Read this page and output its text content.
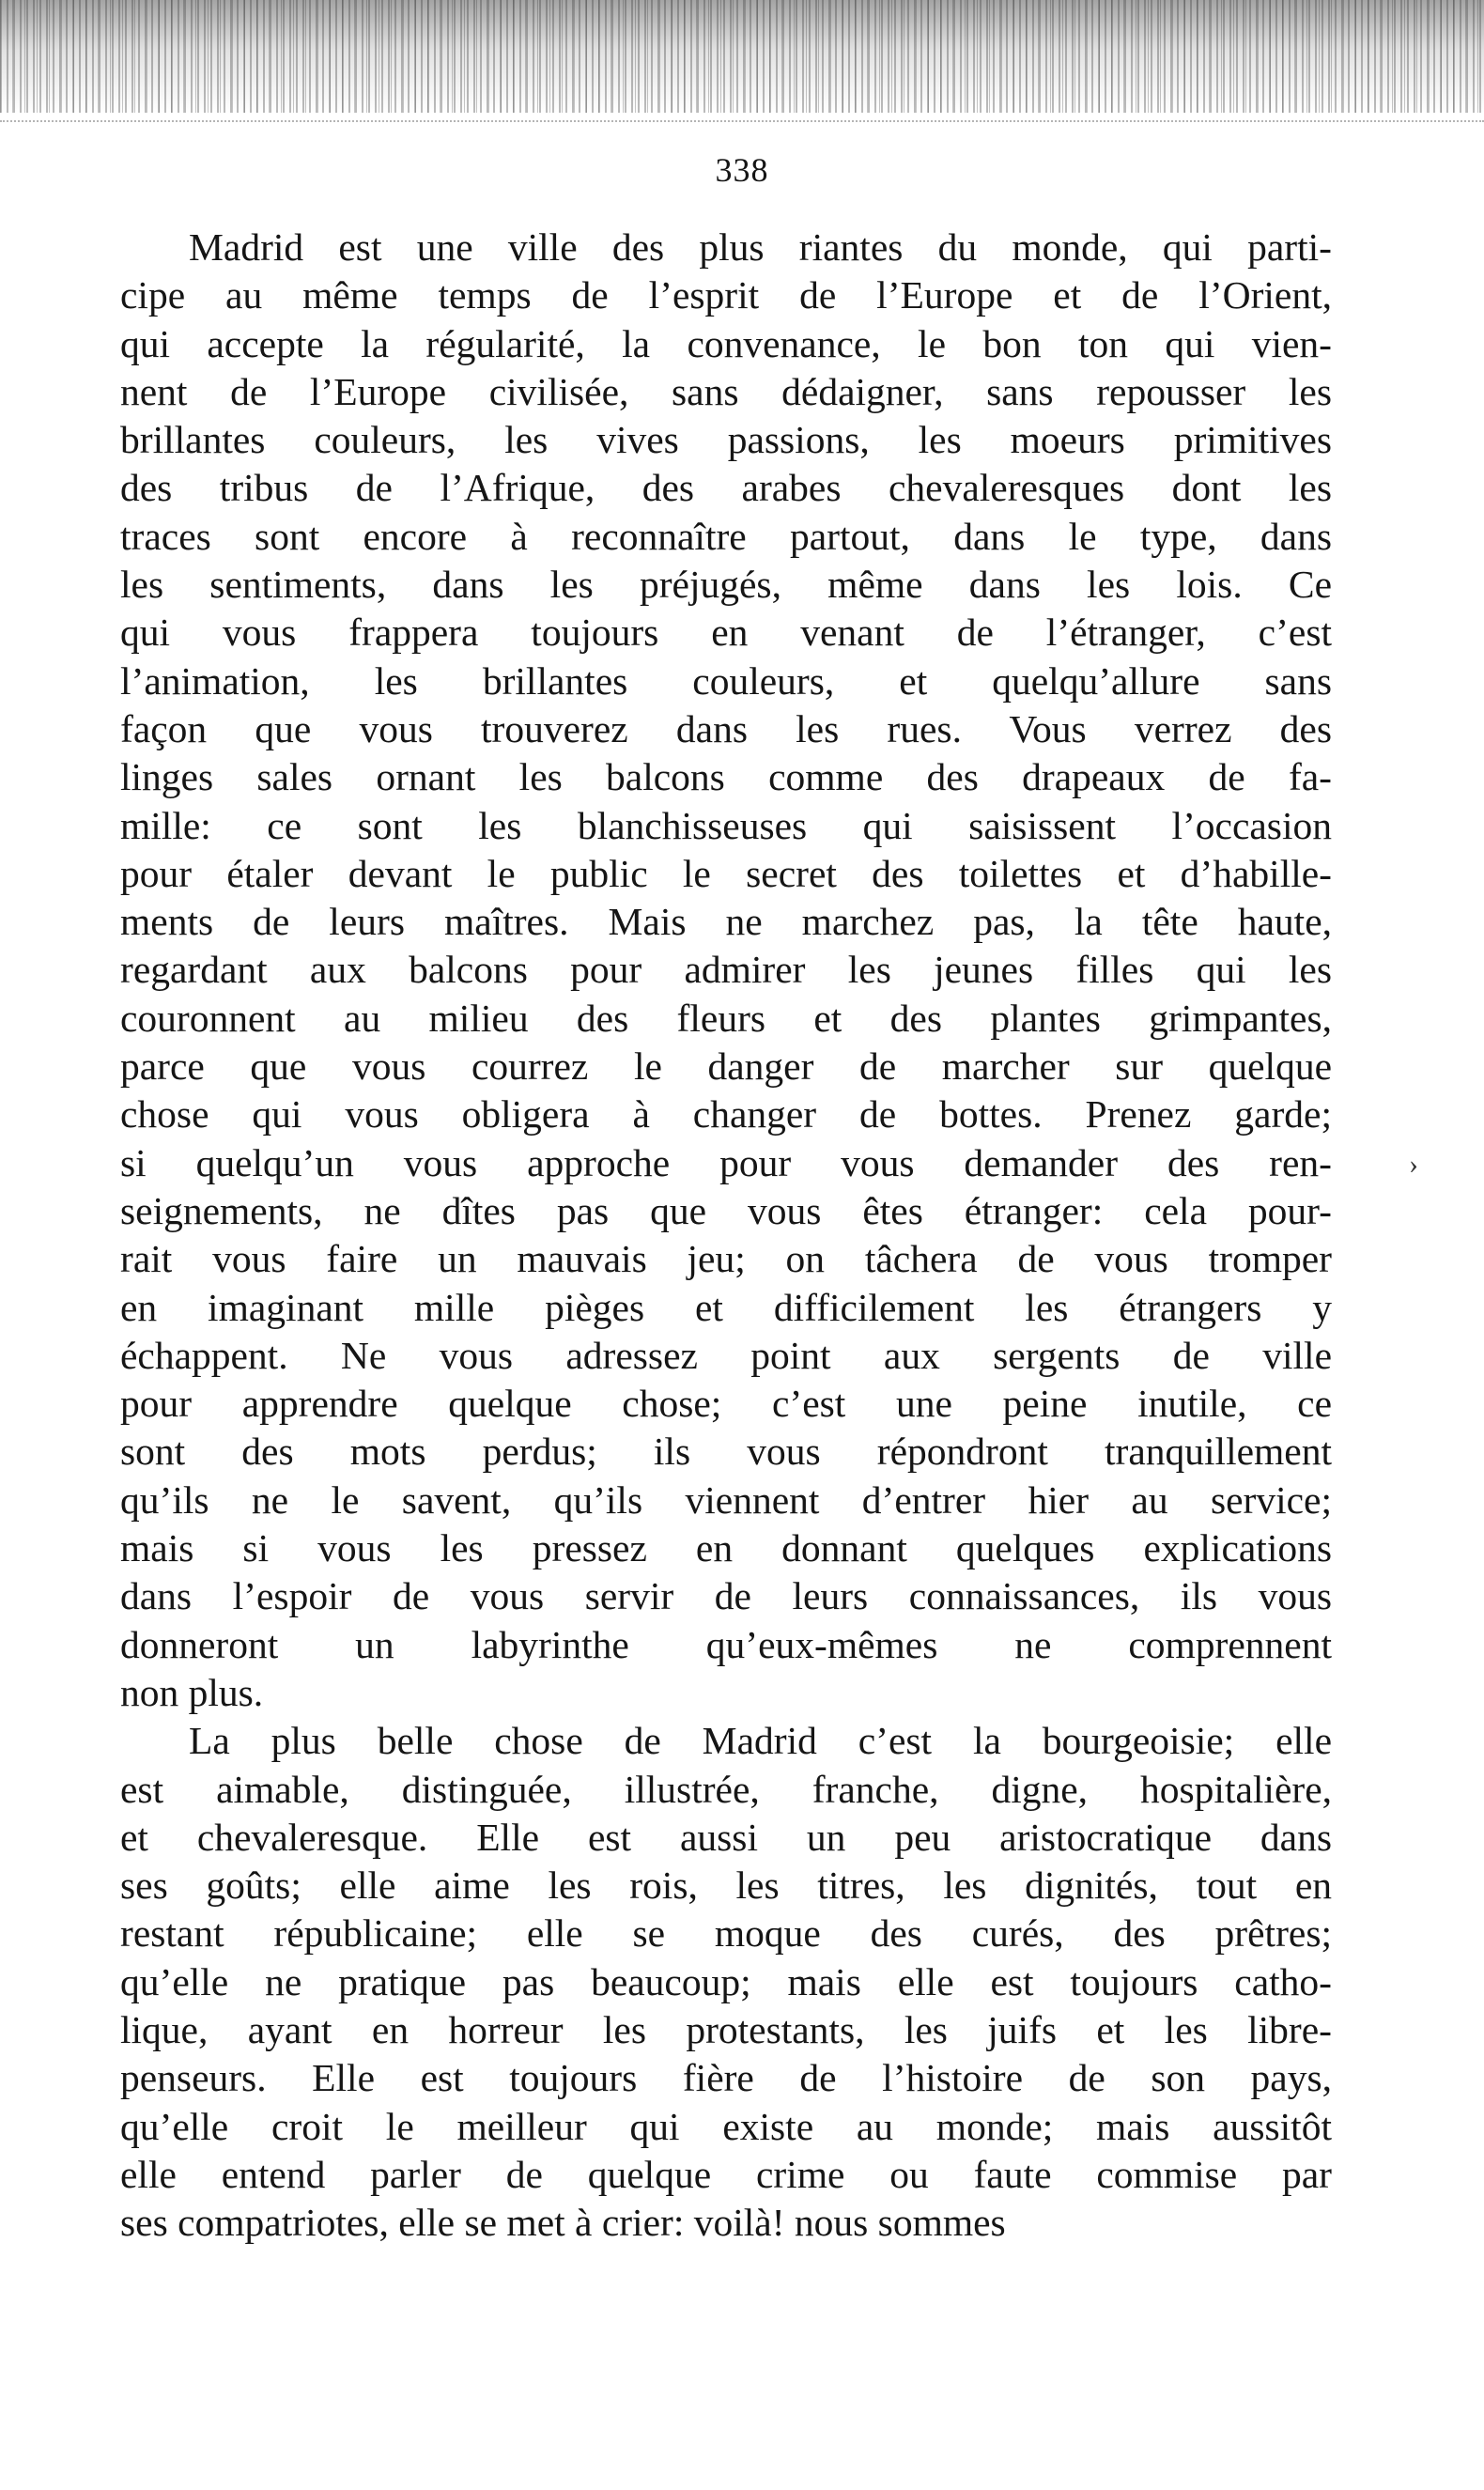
338
Madrid est une ville des plus riantes du monde, qui parti-
cipe au même temps de l’esprit de l’Europe et de l’Orient,
qui accepte la régularité, la convenance, le bon ton qui vien-
nent de l’Europe civilisée, sans dédaigner, sans repousser les
brillantes couleurs, les vives passions, les moeurs primitives
des tribus de l’Afrique, des arabes chevaleresques dont les
traces sont encore à reconnaître partout, dans le type, dans
les sentiments, dans les préjugés, même dans les lois. Ce
qui vous frappera toujours en venant de l’étranger, c’est
l’animation, les brillantes couleurs, et quelqu’allure sans
façon que vous trouverez dans les rues. Vous verrez des
linges sales ornant les balcons comme des drapeaux de fa-
mille: ce sont les blanchisseuses qui saisissent l’occasion
pour étaler devant le public le secret des toilettes et d’habille-
ments de leurs maîtres. Mais ne marchez pas, la tête haute,
regardant aux balcons pour admirer les jeunes filles qui les
couronnent au milieu des fleurs et des plantes grimpantes,
parce que vous courrez le danger de marcher sur quelque
chose qui vous obligera à changer de bottes. Prenez garde;
si quelqu’un vous approche pour vous demander des ren-
seignements, ne dîtes pas que vous êtes étranger: cela pour-
rait vous faire un mauvais jeu; on tâchera de vous tromper
en imaginant mille pièges et difficilement les étrangers y
échappent. Ne vous adressez point aux sergents de ville
pour apprendre quelque chose; c’est une peine inutile, ce
sont des mots perdus; ils vous répondront tranquillement
qu’ils ne le savent, qu’ils viennent d’entrer hier au service;
mais si vous les pressez en donnant quelques explications
dans l’espoir de vous servir de leurs connaissances, ils vous
donneront un labyrinthe qu’eux-mêmes ne comprennent
non plus.
La plus belle chose de Madrid c’est la bourgeoisie; elle
est aimable, distinguée, illustrée, franche, digne, hospitalière,
et chevaleresque. Elle est aussi un peu aristocratique dans
ses goûts; elle aime les rois, les titres, les dignités, tout en
restant républicaine; elle se moque des curés, des prêtres;
qu’elle ne pratique pas beaucoup; mais elle est toujours catho-
lique, ayant en horreur les protestants, les juifs et les libre-
penseurs. Elle est toujours fière de l’histoire de son pays,
qu’elle croit le meilleur qui existe au monde; mais aussitôt
elle entend parler de quelque crime ou faute commise par
ses compatriotes, elle se met à crier: voilà! nous sommes
›
